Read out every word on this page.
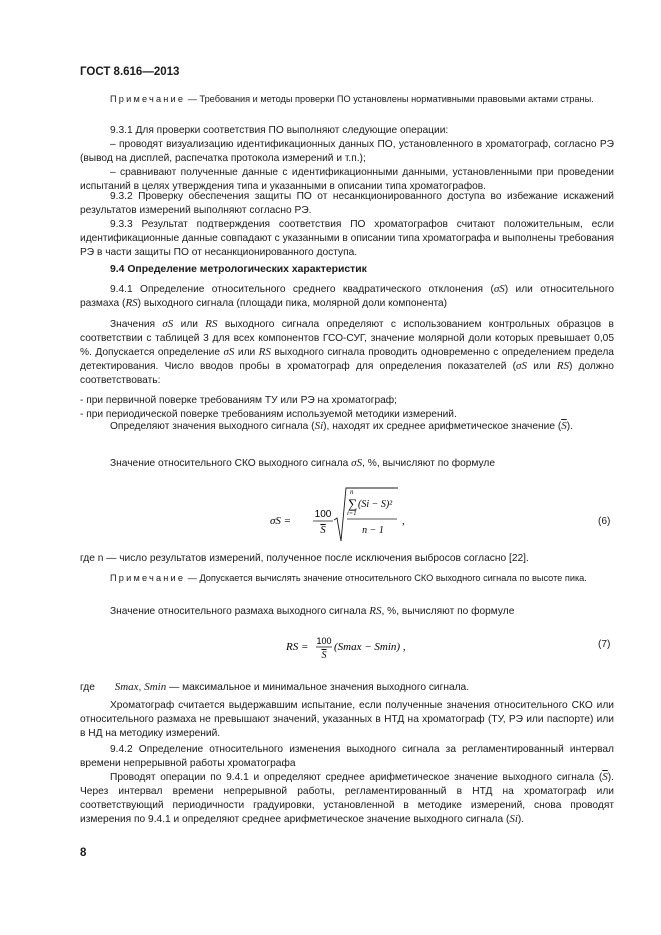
ГОСТ 8.616—2013
Примечание — Требования и методы проверки ПО установлены нормативными правовыми актами страны.
9.3.1 Для проверки соответствия ПО выполняют следующие операции:
– проводят визуализацию идентификационных данных ПО, установленного в хроматограф, согласно РЭ (вывод на дисплей, распечатка протокола измерений и т.п.);
– сравнивают полученные данные с идентификационными данными, установленными при проведении испытаний в целях утверждения типа и указанными в описании типа хроматографов.
9.3.2 Проверку обеспечения защиты ПО от несанкционированного доступа во избежание искажений результатов измерений выполняют согласно РЭ.
9.3.3 Результат подтверждения соответствия ПО хроматографов считают положительным, если идентификационные данные совпадают с указанными в описании типа хроматографа и выполнены требования РЭ в части защиты ПО от несанкционированного доступа.
9.4 Определение метрологических характеристик
9.4.1 Определение относительного среднего квадратического отклонения (σS) или относительного размаха (RS) выходного сигнала (площади пика, молярной доли компонента)
Значения σS или RS выходного сигнала определяют с использованием контрольных образцов в соответствии с таблицей 3 для всех компонентов ГСО-СУГ, значение молярной доли которых превышает 0,05 %. Допускается определение σS или RS выходного сигнала проводить одновременно с определением предела детектирования. Число вводов пробы в хроматограф для определения показателей (σS или RS) должно соответствовать:
- при первичной поверке требованиям ТУ или РЭ на хроматограф;
- при периодической поверке требованиям используемой методики измерений.
Определяют значения выходного сигнала (Si), находят их среднее арифметическое значение $(\overline{S})$.
Значение относительного СКО выходного сигнала σS, %, вычисляют по формуле
σS =
100
S
n
∑
i=1
(Si − S)²
n − 1
,	(6)
где n — число результатов измерений, полученное после исключения выбросов согласно [22].
Примечание — Допускается вычислять значение относительного СКО выходного сигнала по высоте пика.
Значение относительного размаха выходного сигнала RS, %, вычисляют по формуле
RS = 100
S
(Smax − Smin) ,	(7)
где Smax, Smin — максимальное и минимальное значения выходного сигнала.
Хроматограф считается выдержавшим испытание, если полученные значения относительного СКО или относительного размаха не превышают значений, указанных в НТД на хроматограф (ТУ, РЭ или паспорте) или в НД на методику измерений.
9.4.2 Определение относительного изменения выходного сигнала за регламентированный интервал времени непрерывной работы хроматографа
Проводят операции по 9.4.1 и определяют среднее арифметическое значение выходного сигнала $(\overline{S})$. Через интервал времени непрерывной работы, регламентированный в НТД на хроматограф или соответствующий периодичности градуировки, установленной в методике измерений, снова проводят измерения по 9.4.1 и определяют среднее арифметическое значение выходного сигнала (Si).
8
